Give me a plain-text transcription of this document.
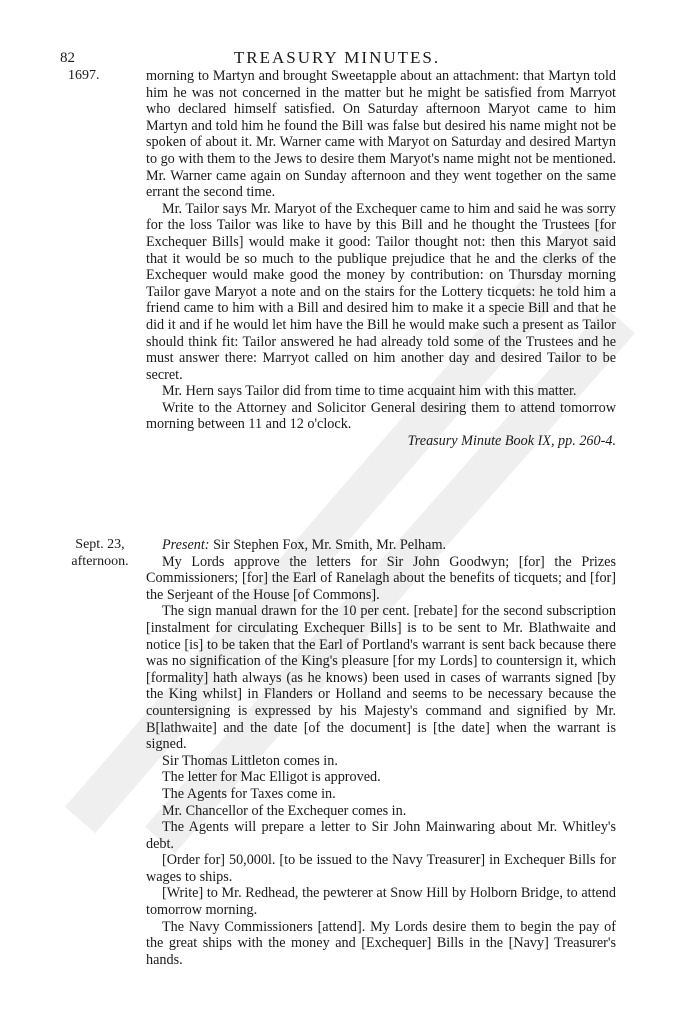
82	TREASURY MINUTES.
1697.	morning to Martyn and brought Sweetapple about an attachment: that Martyn told him he was not concerned in the matter but he might be satisfied from Marryot who declared himself satisfied. On Saturday afternoon Maryot came to him Martyn and told him he found the Bill was false but desired his name might not be spoken of about it. Mr. Warner came with Maryot on Saturday and desired Martyn to go with them to the Jews to desire them Maryot's name might not be mentioned. Mr. Warner came again on Sunday afternoon and they went together on the same errant the second time.

Mr. Tailor says Mr. Maryot of the Exchequer came to him and said he was sorry for the loss Tailor was like to have by this Bill and he thought the Trustees [for Exchequer Bills] would make it good: Tailor thought not: then this Maryot said that it would be so much to the publique prejudice that he and the clerks of the Exchequer would make good the money by contribution: on Thursday morning Tailor gave Maryot a note and on the stairs for the Lottery ticquets: he told him a friend came to him with a Bill and desired him to make it a specie Bill and that he did it and if he would let him have the Bill he would make such a present as Tailor should think fit: Tailor answered he had already told some of the Trustees and he must answer there: Marryot called on him another day and desired Tailor to be secret.

Mr. Hern says Tailor did from time to time acquaint him with this matter.

Write to the Attorney and Solicitor General desiring them to attend tomorrow morning between 11 and 12 o'clock.

Treasury Minute Book IX, pp. 260-4.

Sept. 23,
afternoon.

Present: Sir Stephen Fox, Mr. Smith, Mr. Pelham.

My Lords approve the letters for Sir John Goodwyn; [for] the Prizes Commissioners; [for] the Earl of Ranelagh about the benefits of ticquets; and [for] the Serjeant of the House [of Commons].

The sign manual drawn for the 10 per cent. [rebate] for the second subscription [instalment for circulating Exchequer Bills] is to be sent to Mr. Blathwaite and notice [is] to be taken that the Earl of Portland's warrant is sent back because there was no signification of the King's pleasure [for my Lords] to countersign it, which [formality] hath always (as he knows) been used in cases of warrants signed [by the King whilst] in Flanders or Holland and seems to be necessary because the countersigning is expressed by his Majesty's command and signified by Mr. B[lathwaite] and the date [of the document] is [the date] when the warrant is signed.

Sir Thomas Littleton comes in.

The letter for Mac Elligot is approved.

The Agents for Taxes come in.

Mr. Chancellor of the Exchequer comes in.

The Agents will prepare a letter to Sir John Mainwaring about Mr. Whitley's debt.

[Order for] 50,000l. [to be issued to the Navy Treasurer] in Exchequer Bills for wages to ships.

[Write] to Mr. Redhead, the pewterer at Snow Hill by Holborn Bridge, to attend tomorrow morning.

The Navy Commissioners [attend]. My Lords desire them to begin the pay of the great ships with the money and [Exchequer] Bills in the [Navy] Treasurer's hands.
